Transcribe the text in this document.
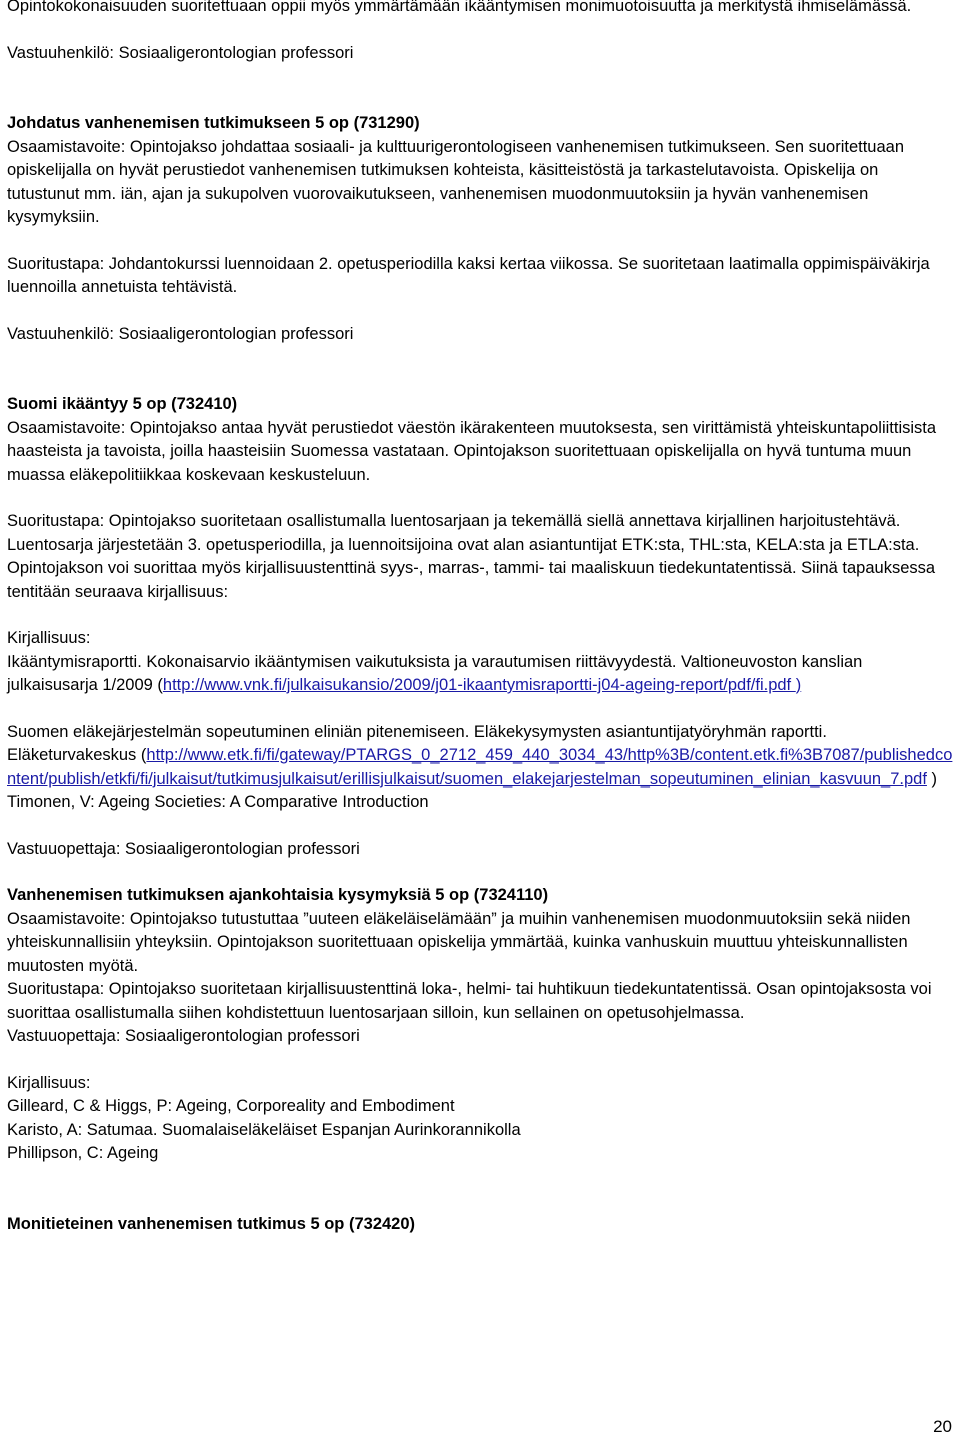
Opintokokonaisuuden suoritettuaan oppii myös ymmärtämään ikääntymisen monimuotoisuutta ja merkitystä ihmiselämässä.

Vastuuhenkilö: Sosiaaligerontologian professori

Johdatus vanhenemisen tutkimukseen 5 op (731290)

Osaamistavoite: Opintojakso johdattaa sosiaali- ja kulttuurigerontologiseen vanhenemisen tutkimukseen. Sen suoritettuaan opiskelijalla on hyvät perustiedot vanhenemisen tutkimuksen kohteista, käsitteistöstä ja tarkastelutavoista. Opiskelija on tutustunut mm. iän, ajan ja sukupolven vuorovaikutukseen, vanhenemisen muodonmuutoksiin ja hyvän vanhenemisen kysymyksiin.

Suoritustapa: Johdantokurssi luennoidaan 2. opetusperiodilla kaksi kertaa viikossa. Se suoritetaan laatimalla oppimispäiväkirja luennoilla annetuista tehtävistä.

Vastuuhenkilö: Sosiaaligerontologian professori

Suomi ikääntyy 5 op (732410)

Osaamistavoite: Opintojakso antaa hyvät perustiedot väestön ikärakenteen muutoksesta, sen virittämistä yhteiskuntapoliittisista haasteista ja tavoista, joilla haasteisiin Suomessa vastataan. Opintojakson suoritettuaan opiskelijalla on hyvä tuntuma muun muassa eläkepolitiikkaa koskevaan keskusteluun.

Suoritustapa: Opintojakso suoritetaan osallistumalla luentosarjaan ja tekemällä siellä annettava kirjallinen harjoitustehtävä. Luentosarja järjestetään 3. opetusperiodilla, ja luennoitsijoina ovat alan asiantuntijat ETK:sta, THL:sta, KELA:sta ja ETLA:sta. Opintojakson voi suorittaa myös kirjallisuustenttinä syys-, marras-, tammi- tai maaliskuun tiedekuntatentissä. Siinä tapauksessa tentitään seuraava kirjallisuus:

Kirjallisuus:

Ikääntymisraportti. Kokonaisarvio ikääntymisen vaikutuksista ja varautumisen riittävyydestä. Valtioneuvoston kanslian julkaisusarja 1/2009 (http://www.vnk.fi/julkaisukansio/2009/j01-ikaantymisraportti-j04-ageing-report/pdf/fi.pdf )

Suomen eläkejärjestelmän sopeutuminen eliniän pitenemiseen. Eläkekysymysten asiantuntijatyöryhmän raportti. Eläketurvakeskus (http://www.etk.fi/fi/gateway/PTARGS_0_2712_459_440_3034_43/http%3B/content.etk.fi%3B7087/publishedcontent/publish/etkfi/fi/julkaisut/tutkimusjulkaisut/erillisjulkaisut/suomen_elakejarjestelman_sopeutuminen_elinian_kasvuun_7.pdf )

Timonen, V: Ageing Societies: A Comparative Introduction

Vastuuopettaja: Sosiaaligerontologian professori

Vanhenemisen tutkimuksen ajankohtaisia kysymyksiä 5 op (7324110)

Osaamistavoite: Opintojakso tutustuttaa ”uuteen eläkeläiselämään” ja muihin vanhenemisen muodonmuutoksiin sekä niiden yhteiskunnallisiin yhteyksiin. Opintojakson suoritettuaan opiskelija ymmärtää, kuinka vanhuskuin muuttuu yhteiskunnallisten muutosten myötä.

Suoritustapa: Opintojakso suoritetaan kirjallisuustenttinä loka-, helmi- tai huhtikuun tiedekuntatentissä. Osan opintojaksosta voi suorittaa osallistumalla siihen kohdistettuun luentosarjaan silloin, kun sellainen on opetusohjelmassa.

Vastuuopettaja: Sosiaaligerontologian professori

Kirjallisuus:

Gilleard, C & Higgs, P: Ageing, Corporeality and Embodiment

Karisto, A: Satumaa. Suomalaiseläkeläiset Espanjan Aurinkorannikolla

Phillipson, C: Ageing

Monitieteinen vanhenemisen tutkimus 5 op (732420)

20
